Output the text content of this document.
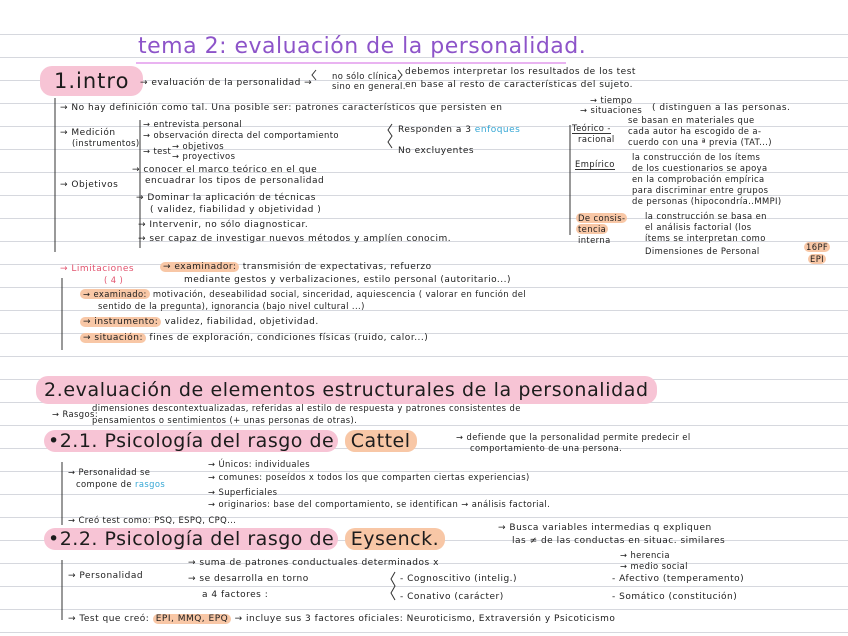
tema 2: evaluación de la personalidad.
1.intro	→ evaluación de la personalidad →
no sólo clínica
sino en general.
debemos interpretar los resultados de los test
en base al resto de características del sujeto.
→ No hay definición como tal. Una posible ser: patrones característicos que persisten en
→ tiempo
→ situaciones ( distinguen a las personas.
→ Medición
(instrumentos)
→ entrevista personal
→ observación directa del comportamiento
→ test → objetivos
→ proyectivos
Responden a 3 enfoques
No excluyentes
Teórico -
racional
se basan en materiales que
cada autor ha escogido de a-
cuerdo con una ª previa (TAT...)
Empírico
la construcción de los ítems
de los cuestionarios se apoya
en la comprobación empírica
para discriminar entre grupos
de personas (hipocondría..MMPI)
De consis-
tencia
interna
la construcción se basa en
el análisis factorial (los
ítems se interpretan como
Dimensiones de Personal	16PF
EPI
→ Objetivos
→ conocer el marco teórico en el que
encuadrar los tipos de personalidad
→ Dominar la aplicación de técnicas
( validez, fiabilidad y objetividad )
→ Intervenir, no sólo diagnosticar.
→ ser capaz de investigar nuevos métodos y amplíen conocim.
→ Limitaciones
( 4 )
→ examinador: transmisión de expectativas, refuerzo
mediante gestos y verbalizaciones, estilo personal (autoritario...)
→ examinado: motivación, deseabilidad social, sinceridad, aquiescencia ( valorar en función del
sentido de la pregunta), ignorancia (bajo nivel cultural ...)
→ instrumento: validez, fiabilidad, objetividad.
→ situación: fines de exploración, condiciones físicas (ruido, calor...)
2.evaluación de elementos estructurales de la personalidad
→ Rasgos:
dimensiones descontextualizadas, referidas al estilo de respuesta y patrones consistentes de
pensamientos o sentimientos (+ unas personas de otras).
•2.1. Psicología del rasgo de Cattel	→ defiende que la personalidad permite predecir el
comportamiento de una persona.
→ Personalidad se
compone de rasgos
→ Únicos: individuales
→ comunes: poseídos x todos los que comparten ciertas experiencias)
→ Superficiales
→ originarios: base del comportamiento, se identifican → análisis factorial.
→ Creó test como: PSQ, ESPQ, CPQ...
•2.2. Psicología del rasgo de Eysenck.	→ Busca variables intermedias q expliquen
las ≠ de las conductas en situac. similares
→ Personalidad
→ suma de patrones conductuales determinados x
→ herencia
→ medio social
→ se desarrolla en torno
a 4 factores :
- Cognoscitivo (intelig.)
- Conativo (carácter)
- Afectivo (temperamento)
- Somático (constitución)
→ Test que creó: EPI, MMQ, EPQ → incluye sus 3 factores oficiales: Neuroticismo, Extraversión y Psicoticismo
